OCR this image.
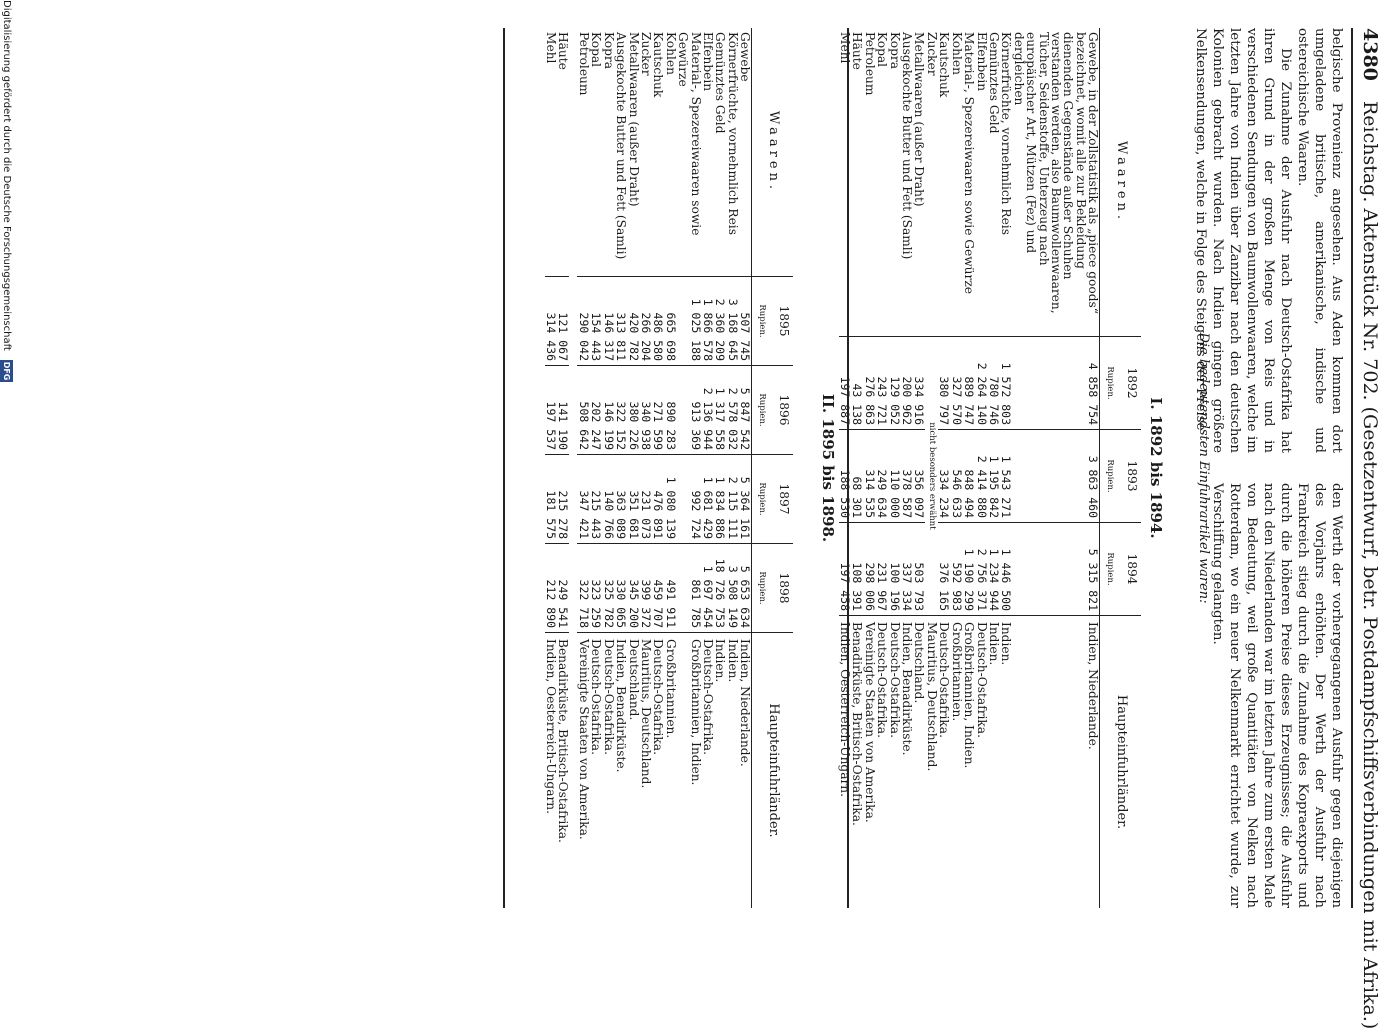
4380 Reichstag. Aktenstück Nr. 702. (Gesetzentwurf, betr. Postdampfschiffsverbindungen mit Afrika.)

belgische Provenienz angesehen. Aus Aden kommen dort umgeladene britische, amerikanische, indische und ostereichische Waaren.

Die Zunahme der Ausfuhr nach Deutsch-Ostafrika hat ihren Grund in der großen Menge von Reis und in verschiedenen Sendungen von Baumwollenwaaren, welche im letzten Jahre von Indien über Zanzibar nach den deutschen Kolonien gebracht wurden. Nach Indien gingen größere Nelkensendungen, welche in Folge des Steigens der Preise

den Werth der vorhergegangenen Ausfuhr gegen diejenigen des Vorjahrs erhöhten. Der Werth der Ausfuhr nach Frankreich stieg durch die Zunahme des Kopraexports und durch die höheren Preise dieses Erzeugnisses; die Ausfuhr nach den Niederlanden war im letzten Jahre zum ersten Male von Bedeutung, weil große Quantitäten von Nelken nach Rotterdam, wo ein neuer Nelkenmarkt errichtet wurde, zur Verschiffung gelangten.

Die bedeutendsten Einfuhrartikel waren:
I. 1892 bis 1894.
Waaren.	1892
Rupien.	1893
Rupien.	1894
Rupien.	Haupteinfuhrländer.
Gewebe, in der Zollstatistik als „piece goods“ bezeichnet, womit alle zur Bekleidung dienenden Gegenstände außer Schuhen verstanden werden, also Baumwollenwaaren, Tücher, Seidenstoffe, Unterzeug nach europäischer Art, Mützen (Fez) und dergleichen	4 858 754	3 863 460	5 315 821	Indien, Niederlande.
Körnerfrüchte, vornehmlich Reis	1 572 803	1 543 271	1 446 500	Indien.
Gemünztes Geld	780 746	1 195 842	1 234 944	Indien.
Elfenbein	2 264 140	2 414 880	2 756 371	Deutsch-Ostafrika.
Material-, Spezereiwaaren sowie Gewürze	889 747	848 494	1 190 299	Großbritannien, Indien.
Kohlen	327 570	546 633	592 983	Großbritannien.
Kautschuk	380 797	334 234	376 165	Deutsch-Ostafrika.
Zucker	nicht besonders erwähnt			Mauritius, Deutschland.
Metallwaaren (außer Draht)	334 916	356 097	503 793	Deutschland.
Ausgekochte Butter und Fett (Samli)	200 962	378 587	337 334	Indien, Benadirküste.
Kopra	129 052	110 000	100 196	Deutsch-Ostafrika.
Kopal	243 721	249 634	231 967	Deutsch-Ostafrika.
Petroleum	276 863	314 535	298 006	Vereinigte Staaten von Amerika.
Häute	43 138	68 301	108 391	Benadirküste, Britisch-Ostafrika.
Mehl	197 887	188 530	197 458	Indien, Oesterreich-Ungarn.
II. 1895 bis 1898.
Waaren.	1895
Rupien.	1896
Rupien.	1897
Rupien.	1898
Rupien.	Haupteinfuhrländer.
Gewebe	507 745	5 847 542	5 364 161	5 653 634	Indien, Niederlande.
Körnerfrüchte, vornehmlich Reis	3 168 645	2 578 032	2 115 111	3 508 149	Indien.
Gemünztes Geld	2 360 209	1 317 558	1 834 886	18 726 753	Indien.
Elfenbein	1 866 578	2 136 944	1 681 429	1 697 454	Deutsch-Ostafrika.
Material-, Spezereiwaaren sowie Gewürze	1 025 188	913 369	992 724	861 785	Großbritannien, Indien.
Kohlen	665 698	890 283	1 080 139	491 911	Großbritannien.
Kautschuk	486 580	271 599	476 891	459 707	Deutsch-Ostafrika.
Zucker	266 204	340 938	231 073	399 372	Mauritius, Deutschland.
Metallwaaren (außer Draht)	420 782	380 226	351 681	345 200	Deutschland.
Ausgekochte Butter und Fett (Samli)	313 811	322 152	363 089	330 065	Indien, Benadirküste.
Kopra	146 317	146 199	140 766	325 782	Deutsch-Ostafrika.
Kopal	154 443	202 247	215 443	323 259	Deutsch-Ostafrika.
Petroleum	290 042	508 642	347 421	322 718	Vereinigte Staaten von Amerika.

Häute	121 067	141 190	215 278	249 541	Benadirküste, Britisch-Ostafrika.
Mehl	314 436	197 537	181 575	212 890	Indien, Oesterreich-Ungarn.
Digitalisierung gefördert durch die Deutsche Forschungsgemeinschaft DFG
